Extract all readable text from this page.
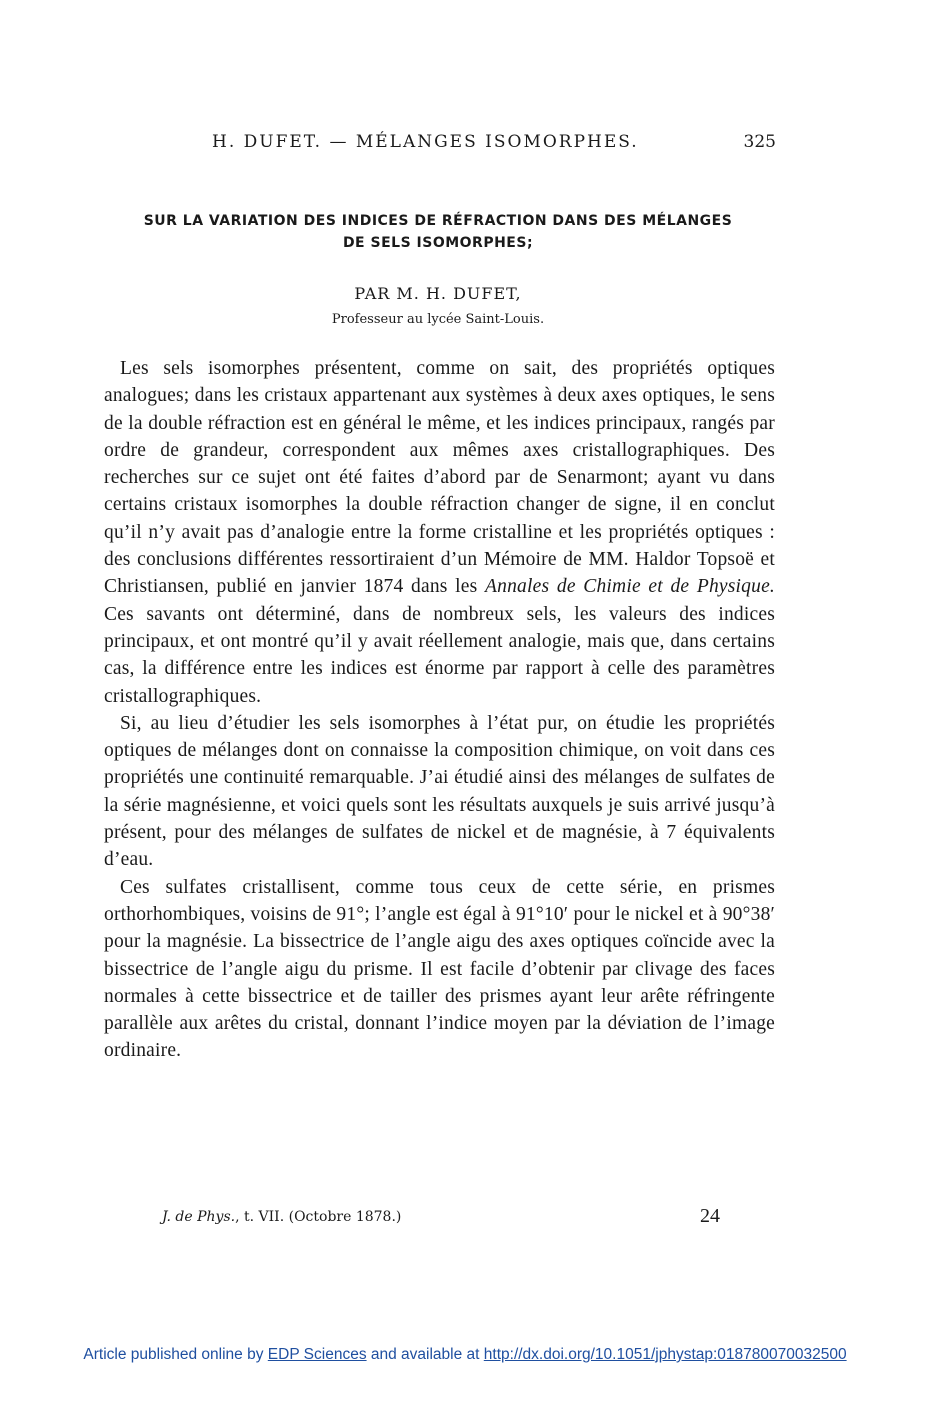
H. DUFET. — MÉLANGES ISOMORPHES.	325
SUR LA VARIATION DES INDICES DE RÉFRACTION DANS DES MÉLANGES
DE SELS ISOMORPHES;
PAR M. H. DUFET,
Professeur au lycée Saint-Louis.

Les sels isomorphes présentent, comme on sait, des propriétés optiques analogues; dans les cristaux appartenant aux systèmes à deux axes optiques, le sens de la double réfraction est en général le même, et les indices principaux, rangés par ordre de grandeur, correspondent aux mêmes axes cristallographiques. Des recherches sur ce sujet ont été faites d’abord par de Senarmont; ayant vu dans certains cristaux isomorphes la double réfraction changer de signe, il en conclut qu’il n’y avait pas d’analogie entre la forme cristalline et les propriétés optiques : des conclusions différentes ressortiraient d’un Mémoire de MM. Haldor Topsoë et Christiansen, publié en janvier 1874 dans les Annales de Chimie et de Physique. Ces savants ont déterminé, dans de nombreux sels, les valeurs des indices principaux, et ont montré qu’il y avait réellement analogie, mais que, dans certains cas, la différence entre les indices est énorme par rapport à celle des paramètres cristallographiques.

Si, au lieu d’étudier les sels isomorphes à l’état pur, on étudie les propriétés optiques de mélanges dont on connaisse la composition chimique, on voit dans ces propriétés une continuité remarquable. J’ai étudié ainsi des mélanges de sulfates de la série magnésienne, et voici quels sont les résultats auxquels je suis arrivé jusqu’à présent, pour des mélanges de sulfates de nickel et de magnésie, à 7 équivalents d’eau.

Ces sulfates cristallisent, comme tous ceux de cette série, en prismes orthorhombiques, voisins de 91°; l’angle est égal à 91°10′ pour le nickel et à 90°38′ pour la magnésie. La bissectrice de l’angle aigu des axes optiques coïncide avec la bissectrice de l’angle aigu du prisme. Il est facile d’obtenir par clivage des faces normales à cette bissectrice et de tailler des prismes ayant leur arête réfringente parallèle aux arêtes du cristal, donnant l’indice moyen par la déviation de l’image ordinaire.

J. de Phys., t. VII. (Octobre 1878.)	24
Article published online by EDP Sciences and available at http://dx.doi.org/10.1051/jphystap:018780070032500
